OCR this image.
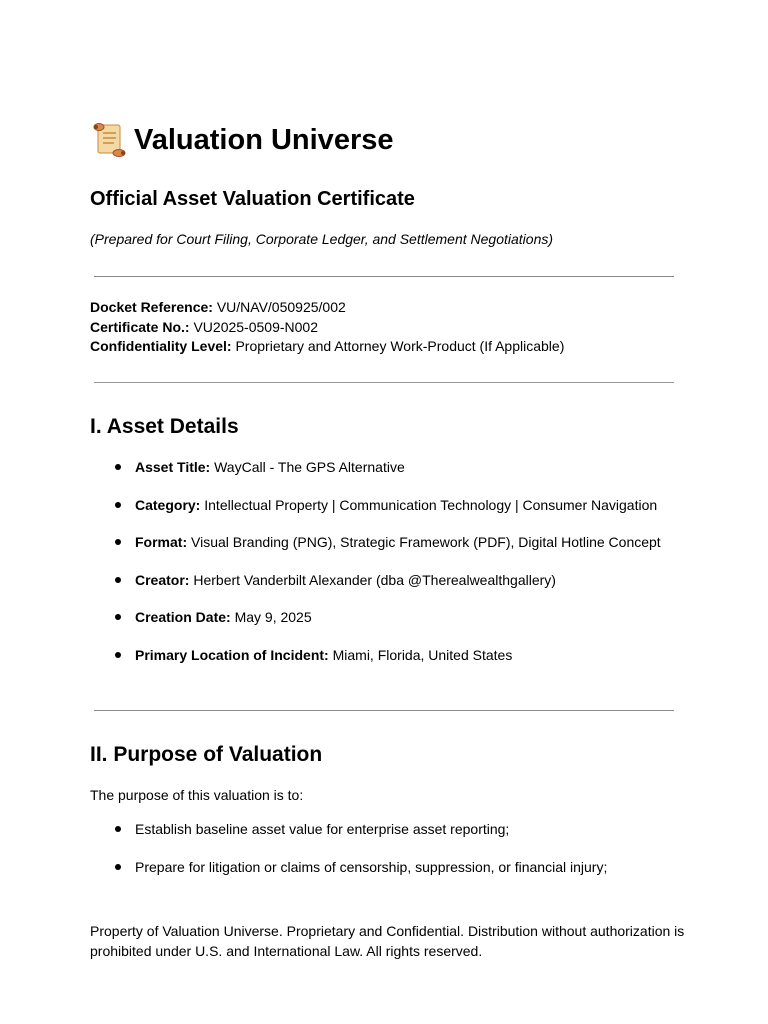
Valuation Universe
Official Asset Valuation Certificate
(Prepared for Court Filing, Corporate Ledger, and Settlement Negotiations)
Docket Reference: VU/NAV/050925/002
Certificate No.: VU2025-0509-N002
Confidentiality Level: Proprietary and Attorney Work-Product (If Applicable)
I. Asset Details
Asset Title: WayCall - The GPS Alternative
Category: Intellectual Property | Communication Technology | Consumer Navigation
Format: Visual Branding (PNG), Strategic Framework (PDF), Digital Hotline Concept
Creator: Herbert Vanderbilt Alexander (dba @Therealwealthgallery)
Creation Date: May 9, 2025
Primary Location of Incident: Miami, Florida, United States
II. Purpose of Valuation
The purpose of this valuation is to:
Establish baseline asset value for enterprise asset reporting;
Prepare for litigation or claims of censorship, suppression, or financial injury;
Property of Valuation Universe. Proprietary and Confidential. Distribution without authorization is prohibited under U.S. and International Law. All rights reserved.
